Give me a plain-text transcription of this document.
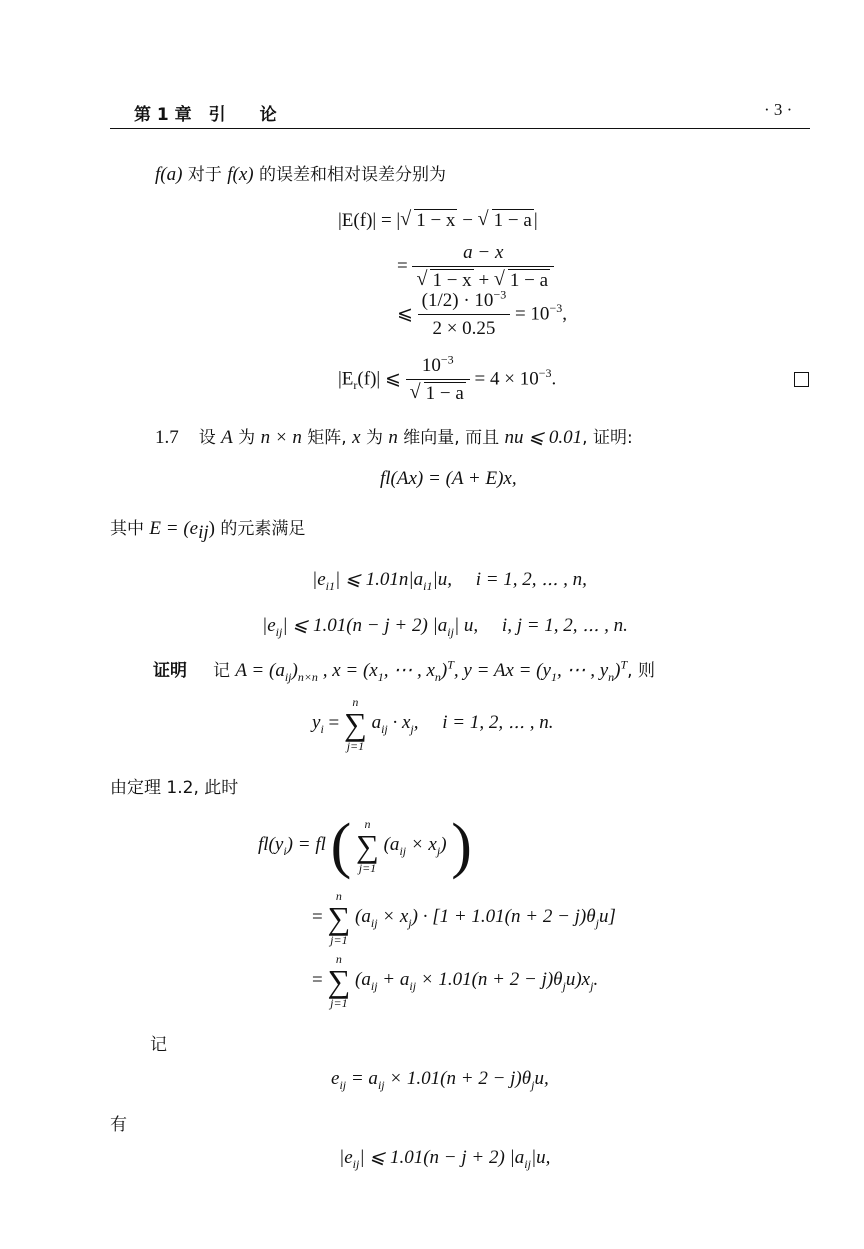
第 1 章　引　　论	· 3 ·
f(a) 对于 f(x) 的误差和相对误差分别为
|E(f)| = |√ 1 − x − √ 1 − a |
= a − x
√ 1 − x + √ 1 − a
⩽ $\frac{(1/2) \cdot 10^{-3}}{2 \times 0.25} = 10^{-3}$,
$|E_r(f)|$ ⩽ $10^{-3}$
√ $1 - a = 4 \times 10^{-3}$.
1.7 设 A 为 n × n 矩阵, x 为 n 维向量, 而且 nu ⩽ 0.01, 证明:
fl(Ax) = (A + E)x,
其中 $E = (e_{ij})$ 的元素满足
$|e_{i1}|$ ⩽ $1.01n|a_{i1}|u$,　 i = 1, 2, ⋯ , n,
$|e_{ij}|$ ⩽ 1.01(n − j + 2) $|a_{ij}|$ u,　 i, j = 1, 2, ⋯ , n.
证明 记 $A = (a_{ij})_{n\times n}$ , $x = (x_1$, ⋯ , $x_n)^T$, $y = Ax = (y_1$, ⋯ , $y_n)^T$, 则
$y_i$ =
n
∑
j=1
$a_{ij} \cdot x_j$,　 i = 1, 2, ⋯ , n.
由定理 1.2, 此时
$fl(y_i)$ = fl (	n
∑
j=1
$(a_{ij} \times x_j)$ )
=
n
∑
j=1
$(a_{ij} \times x_j) \cdot [1 + 1.01(n + 2 - j)\theta_ju]$
=
n
∑
j=1
$(a_{ij} + a_{ij} \times 1.01(n + 2 - j)\theta_ju)x_j$.
记
$e_{ij} = a_{ij} \times 1.01(n + 2 - j)\theta_ju$,
有
$|e_{ij}|$ ⩽ 1.01(n − j + 2) $|a_{ij}|u$,
